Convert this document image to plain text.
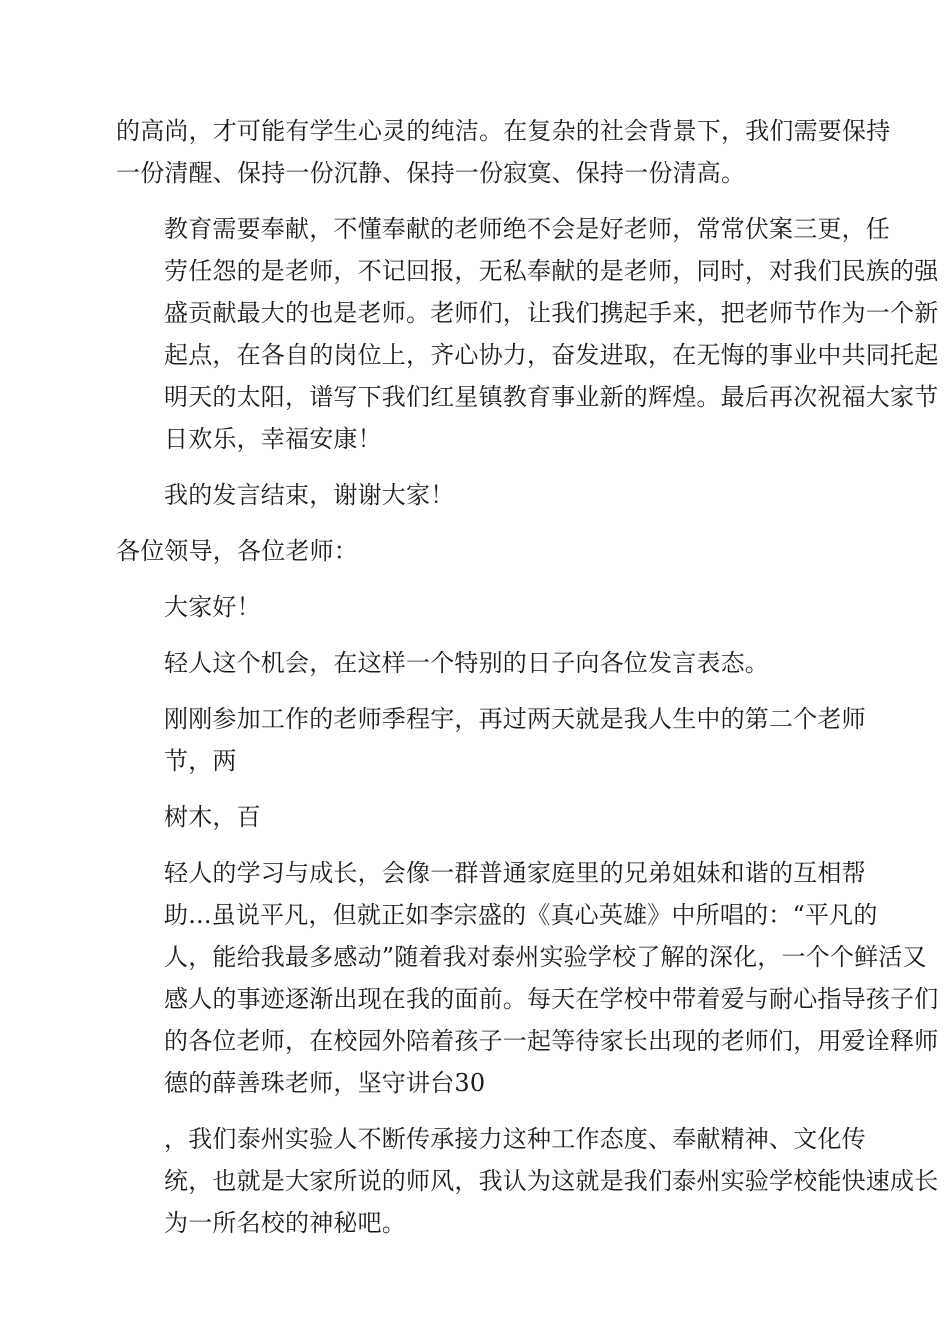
的高尚，才可能有学生心灵的纯洁。在复杂的社会背景下，我们需要保持
一份清醒、保持一份沉静、保持一份寂寞、保持一份清高。
教育需要奉献，不懂奉献的老师绝不会是好老师，常常伏案三更，任
劳任怨的是老师，不记回报，无私奉献的是老师，同时，对我们民族的强
盛贡献最大的也是老师。老师们，让我们携起手来，把老师节作为一个新
起点，在各自的岗位上，齐心协力，奋发进取，在无悔的事业中共同托起
明天的太阳，谱写下我们红星镇教育事业新的辉煌。最后再次祝福大家节
日欢乐，幸福安康！
我的发言结束，谢谢大家！
各位领导，各位老师：
大家好！
轻人这个机会，在这样一个特别的日子向各位发言表态。
刚刚参加工作的老师季程宇，再过两天就是我人生中的第二个老师
节，两
树木，百
轻人的学习与成长，会像一群普通家庭里的兄弟姐妹和谐的互相帮
助...虽说平凡，但就正如李宗盛的《真心英雄》中所唱的：“平凡的
人，能给我最多感动”随着我对泰州实验学校了解的深化，一个个鲜活又
感人的事迹逐渐出现在我的面前。每天在学校中带着爱与耐心指导孩子们
的各位老师，在校园外陪着孩子一起等待家长出现的老师们，用爱诠释师
德的薛善珠老师，坚守讲台30
，我们泰州实验人不断传承接力这种工作态度、奉献精神、文化传
统，也就是大家所说的师风，我认为这就是我们泰州实验学校能快速成长
为一所名校的神秘吧。
